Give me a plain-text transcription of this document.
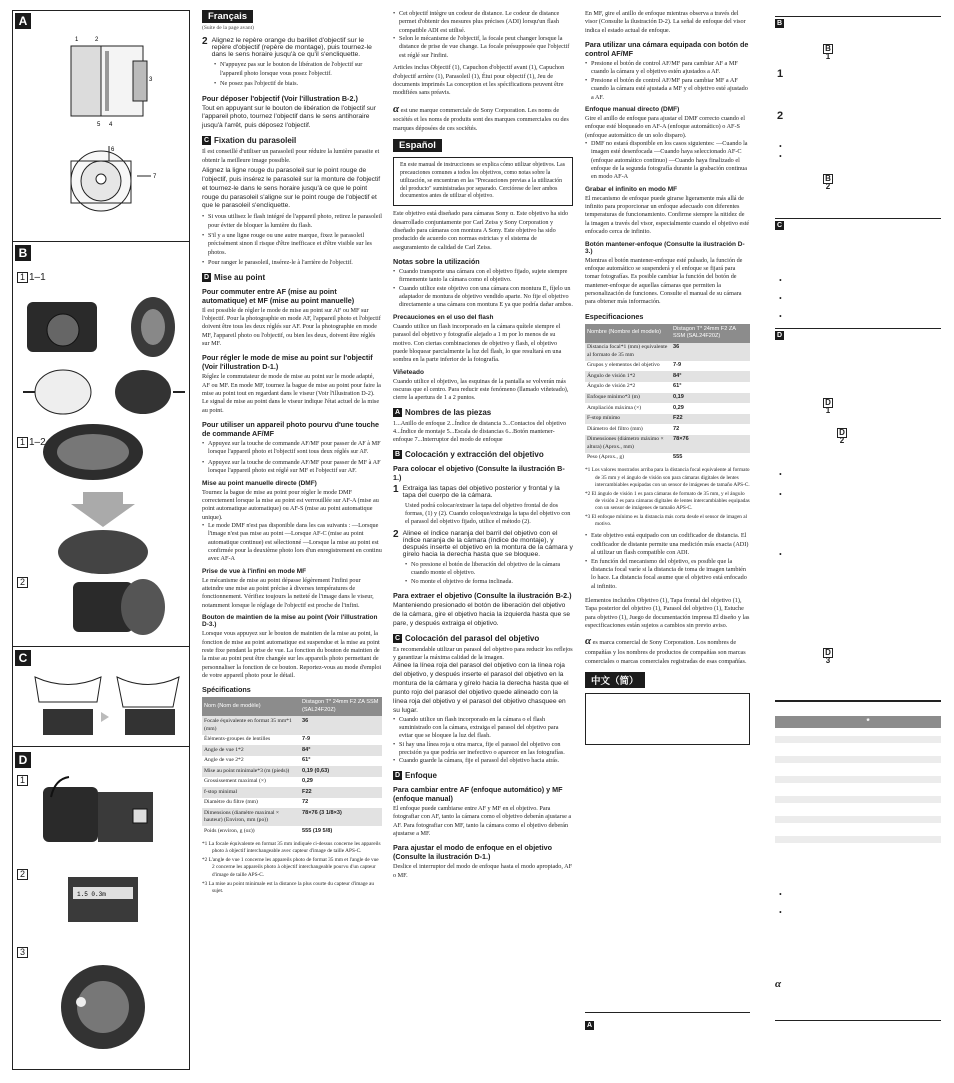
A
1	2
3
4
5
6
7
B
1 1–1
1 1–2
2
C
D
1
2
3
1.5 0.3m
Français
(Suite de la page avant)
2 Alignez le repère orange du barillet d'objectif sur le repère d'objectif (repère de montage), puis tournez-le dans le sens horaire jusqu'à ce qu'il s'encliquette.
• N'appuyez pas sur le bouton de libération de l'objectif sur l'appareil photo lorsque vous posez l'objectif.
• Ne posez pas l'objectif de biais.
Pour déposer l'objectif (Voir l'illustration B-2.)
Tout en appuyant sur le bouton de libération de l'objectif sur l'appareil photo, tournez l'objectif dans le sens antihoraire jusqu'à l'arrêt, puis déposez l'objectif.
C Fixation du parasoleil

Il est conseillé d'utiliser un parasoleil pour réduire la lumière parasite et obtenir la meilleure image possible.

Alignez la ligne rouge du parasoleil sur le point rouge de l'objectif, puis insérez le parasoleil sur la monture de l'objectif et tournez-le dans le sens horaire jusqu'à ce que le point rouge du parasoleil s'aligne sur le point rouge de l'objectif et que le parasoleil s'encliquette.

• Si vous utilisez le flash intégré de l'appareil photo, retirez le parasoleil pour éviter de bloquer la lumière du flash.
• S'il y a une ligne rouge ou une autre marque, fixez le parasoleil précisément sinon il risque d'être inefficace et d'être visible sur les photos.
• Pour ranger le parasoleil, insérez-le à l'arrière de l'objectif.
D Mise au point
Pour commuter entre AF (mise au point automatique) et MF (mise au point manuelle)

Il est possible de régler le mode de mise au point sur AF ou MF sur l'objectif. Pour la photographie en mode AF, l'appareil photo et l'objectif doivent être tous les deux réglés sur AF. Pour la photographie en mode MF, l'appareil photo ou l'objectif, ou bien les deux, doivent être réglés sur MF.

Pour régler le mode de mise au point sur l'objectif (Voir l'illustration D-1.)

Réglez le commutateur de mode de mise au point sur le mode adapté, AF ou MF. En mode MF, tournez la bague de mise au point pour faire la mise au point tout en regardant dans le viseur (Voir l'illustration D-2). Le signal de mise au point dans le viseur indique l'état actuel de la mise au point.

Pour utiliser un appareil photo pourvu d'une touche de commande AF/MF
• Appuyez sur la touche de commande AF/MF pour passer de AF à MF lorsque l'appareil photo et l'objectif sont tous deux réglés sur AF.
• Appuyez sur la touche de commande AF/MF pour passer de MF à AF lorsque l'appareil photo est réglé sur MF et l'objectif sur AF.
Mise au point manuelle directe (DMF)

Tournez la bague de mise au point pour régler le mode DMF correctement lorsque la mise au point est verrouillée sur AF-A (mise au point automatique automatique) ou AF-S (mise au point automatique unique).

• Le mode DMF n'est pas disponible dans les cas suivants : —Lorsque l'image n'est pas mise au point —Lorsque AF-C (mise au point automatique continue) est sélectionné —Lorsque la mise au point est confirmée pour la deuxième photo lors d'un enregistrement en continu avec AF-A
Prise de vue à l'infini en mode MF

Le mécanisme de mise au point dépasse légèrement l'infini pour atteindre une mise au point précise à diverses températures de fonctionnement. Vérifiez toujours la netteté de l'image dans le viseur, notamment lorsque le réglage de l'objectif est proche de l'infini.

Bouton de maintien de la mise au point (Voir l'illustration D-3.)

Lorsque vous appuyez sur le bouton de maintien de la mise au point, la fonction de mise au point automatique est suspendue et la mise au point reste fixe pendant la prise de vue. La fonction du bouton de maintien de la mise au point peut être changée sur les appareils photo permettant de personnaliser la fonction de ce bouton. Reportez-vous au mode d'emploi de votre appareil photo pour le détail.

Spécifications
Nom (Nom de modèle)	Distagon T* 24mm F2 ZA SSM (SAL24F20Z)
Focale équivalente en format 35 mm*1 (mm)	36
Éléments-groupes de lentilles	7-9
Angle de vue 1*2	84°
Angle de vue 2*2	61°
Mise au point minimale*3 (m (pieds))	0,19 (0,63)
Grossissement maximal (×)	0,29
f-stop minimal	F22
Diamètre du filtre (mm)	72
Dimensions (diamètre maximal × hauteur) (Environ, mm (po))	78×76 (3 1/8×3)
Poids (environ, g (oz))	555 (19 5/8)
*1 La focale équivalente en format 35 mm indiquée ci-dessus concerne les appareils photo à objectif interchangeable avec capteur d'image de taille APS-C.
*2 L'angle de vue 1 concerne les appareils photo de format 35 mm et l'angle de vue 2 concerne les appareils photo à objectif interchangeable pourvu d'un capteur d'image de taille APS-C.
*3 La mise au point minimale est la distance la plus courte du capteur d'image au sujet.
• Cet objectif intègre un codeur de distance. Le codeur de distance permet d'obtenir des mesures plus précises (ADI) lorsqu'un flash compatible ADI est utilisé.
• Selon le mécanisme de l'objectif, la focale peut changer lorsque la distance de prise de vue change. La focale présupposée que l'objectif est réglé sur l'infini.

Articles inclus Objectif (1), Capuchon d'objectif avant (1), Capuchon d'objectif arrière (1), Parasoleil (1), Étui pour objectif (1), Jeu de documents imprimés La conception et les spécifications peuvent être modifiées sans préavis.

α est une marque commerciale de Sony Corporation. Les noms de sociétés et les noms de produits sont des marques commerciales ou des marques déposées de ces sociétés.

Español
En este manual de instrucciones se explica cómo utilizar objetivos. Las precauciones comunes a todos los objetivos, como notas sobre la utilización, se encuentran en las "Precauciones previas a la utilización del producto" suministradas por separado. Cerciórese de leer ambos documentos antes de utilizar el objetivo.

Este objetivo está diseñado para cámaras Sony α. Este objetivo ha sido desarrollado conjuntamente por Carl Zeiss y Sony Corporation y diseñado para cámaras con montura A Sony. Este objetivo ha sido producido de acuerdo con normas estrictas y el sistema de aseguramiento de calidad de Carl Zeiss.

Notas sobre la utilización
• Cuando transporte una cámara con el objetivo fijado, sujete siempre firmemente tanto la cámara como el objetivo.
• Cuando utilice este objetivo con una cámara con montura E, fíjelo un adaptador de montura de objetivo vendido aparte. No fije el objetivo directamente a una cámara con montura E ya que podría dañar ambos.
Precauciones en el uso del flash

Cuando utilice un flash incorporado en la cámara quítele siempre el parasol del objetivo y fotografíe alejado a 1 m por lo menos de su motivo. Con ciertas combinaciones de objetivo y flash, el objetivo puede bloquear parcialmente la luz del flash, lo que resultará en una sombra en la parte inferior de la fotografía.

Viñeteado

Cuando utilice el objetivo, las esquinas de la pantalla se volverán más oscuras que el centro. Para reducir este fenómeno (llamado viñeteado), cierre la apertura de 1 a 2 puntos.

A Nombres de las piezas

1...Anillo de enfoque 2...Índice de distancia 3...Contactos del objetivo 4...Índice de montaje 5...Escala de distancias 6...Botón mantener-enfoque 7...Interruptor del modo de enfoque

B Colocación y extracción del objetivo
Para colocar el objetivo (Consulte la ilustración B-1.)
1 Extraiga las tapas del objetivo posterior y frontal y la tapa del cuerpo de la cámara.

Usted podrá colocar/extraer la tapa del objetivo frontal de dos formas, (1) y (2). Cuando coloque/extraiga la tapa del objetivo con el parasol del objetivo fijado, utilice el método (2).

2 Alinee el índice naranja del barril del objetivo con el índice naranja de la cámara (índice de montaje), y después inserte el objetivo en la montura de la cámara y gírelo hacia la derecha hasta que se bloquee.
• No presione el botón de liberación del objetivo de la cámara cuando monte el objetivo.
• No monte el objetivo de forma inclinada.
Para extraer el objetivo (Consulte la ilustración B-2.)
Manteniendo presionado el botón de liberación del objetivo de la cámara, gire el objetivo hacia la izquierda hasta que se pare, y después extraiga el objetivo.
C Colocación del parasol del objetivo

Es recomendable utilizar un parasol del objetivo para reducir los reflejos y garantizar la máxima calidad de la imagen.

Alinee la línea roja del parasol del objetivo con la línea roja del objetivo, y después inserte el parasol del objetivo en la montura de la cámara y gírelo hacia la derecha hasta que el punto rojo del parasol del objetivo quede alineado con la línea roja del objetivo y el parasol del objetivo chasquee en su lugar.

• Cuando utilice un flash incorporado en la cámara o el flash suministrado con la cámara, extraiga el parasol del objetivo para evitar que se bloquee la luz del flash.
• Si hay una línea roja u otra marca, fije el parasol del objetivo con precisión ya que podría ser inefectivo o aparecer en las fotografías.
• Cuando guarde la cámara, fije el parasol del objetivo hacia atrás.
D Enfoque
Para cambiar entre AF (enfoque automático) y MF (enfoque manual)

El enfoque puede cambiarse entre AF y MF en el objetivo. Para fotografiar con AF, tanto la cámara como el objetivo deberán ajustarse a AF. Para fotografiar con MF, tanto la cámara como el objetivo deberán ajustarse a MF.

Para ajustar el modo de enfoque en el objetivo (Consulte la ilustración D-1.)

Deslice el interruptor del modo de enfoque hasta el modo apropiado, AF o MF.

En MF, gire el anillo de enfoque mientras observa a través del visor (Consulte la ilustración D-2). La señal de enfoque del visor indica el estado actual de enfoque.

Para utilizar una cámara equipada con botón de control AF/MF
• Presione el botón de control AF/MF para cambiar AF a MF cuando la cámara y el objetivo estén ajustados a AF.
• Presione el botón de control AF/MF para cambiar MF a AF cuando la cámara esté ajustada a MF y el objetivo esté ajustado a AF.
Enfoque manual directo (DMF)

Gire el anillo de enfoque para ajustar el DMF correcto cuando el enfoque esté bloqueado en AF-A (enfoque automático) o AF-S (enfoque automático de un solo disparo).

• DMF no estará disponible en los casos siguientes: —Cuando la imagen esté desenfocada —Cuando haya seleccionado AF-C (enfoque automático continuo) —Cuando haya finalizado el enfoque de la segunda fotografía durante la grabación continua en modo AF-A
Grabar el infinito en modo MF

El mecanismo de enfoque puede girarse ligeramente más allá de infinito para proporcionar un enfoque adecuado con diferentes temperaturas de funcionamiento. Confirme siempre la nitidez de la imagen a través del visor, especialmente cuando el objetivo esté enfocado cerca de infinito.

Botón mantener-enfoque (Consulte la ilustración D-3.)

Mientras el botón mantener-enfoque esté pulsado, la función de enfoque automático se suspenderá y el enfoque se fijará para tomar fotografías. Es posible cambiar la función del botón de mantener-enfoque de aquellas cámaras que permiten la personalización de funciones. Consulte el manual de su cámara para obtener más información.

Especificaciones
Nombre (Nombre del modelo)	Distagon T* 24mm F2 ZA SSM (SAL24F20Z)
Distancia focal*1 (mm) equivalente al formato de 35 mm	36
Grupos y elementos del objetivo	7-9
Ángulo de visión 1*2	84°
Ángulo de visión 2*2	61°
Enfoque mínimo*3 (m)	0,19
Ampliación máxima (×)	0,29
F-stop mínimo	F22
Diámetro del filtro (mm)	72
Dimensiones (diámetro máximo × altura) (Aprox., mm)	78×76
Peso (Aprox., g)	555
*1 Los valores mostrados arriba para la distancia focal equivalente al formato de 35 mm y el ángulo de visión son para cámaras digitales de lentes intercambiables equipadas con un sensor de imágenes de tamaño APS-C.
*2 El ángulo de visión 1 es para cámaras de formato de 35 mm, y el ángulo de visión 2 es para cámaras digitales de lentes intercambiables equipadas con un sensor de imágenes de tamaño APS-C.
*3 El enfoque mínimo es la distancia más corta desde el sensor de imagen al motivo.
• Este objetivo está equipado con un codificador de distancia. El codificador de distante permite una medición más exacta (ADI) al utilizar un flash compatible con ADI.
• En función del mecanismo del objetivo, es posible que la distancia focal varíe si la distancia de toma de imagen también lo hace. La distancia focal asume que el objetivo está enfocado al infinito.

Elementos incluidos Objetivo (1), Tapa frontal del objetivo (1), Tapa posterior del objetivo (1), Parasol del objetivo (1), Estuche para objetivo (1), Juego de documentación impresa El diseño y las especificaciones están sujetos a cambios sin previo aviso.

α es marca comercial de Sony Corporation. Los nombres de compañías y los nombres de productos de compañías son marcas comerciales o marcas comerciales registradas de esas compañías.

中文（简）
B
B 1
1
2
•
•
B 2
C
•
•
•
D
D 1
D 2
•
•
•
D 3
*
•
•
α
A
